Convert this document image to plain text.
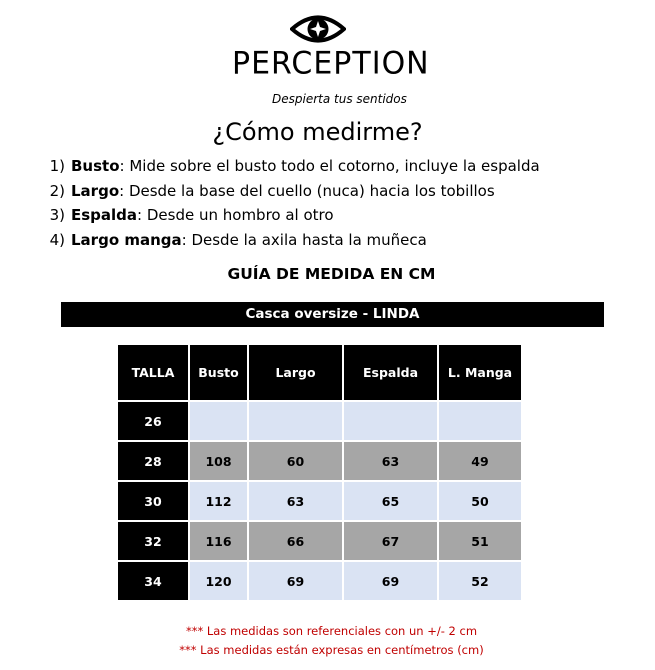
PERCEPTION
Despierta tus sentidos
¿Cómo medirme?
1) Busto: Mide sobre el busto todo el cotorno, incluye la espalda
2) Largo: Desde la base del cuello (nuca) hacia los tobillos
3) Espalda: Desde un hombro al otro
4) Largo manga: Desde la axila hasta la muñeca
GUÍA DE MEDIDA EN CM
Casca oversize - LINDA
TALLA	Busto	Largo	Espalda	L. Manga
26				
28	108	60	63	49
30	112	63	65	50
32	116	66	67	51
34	120	69	69	52
*** Las medidas son referenciales con un +/- 2 cm
*** Las medidas están expresas en centímetros (cm)
